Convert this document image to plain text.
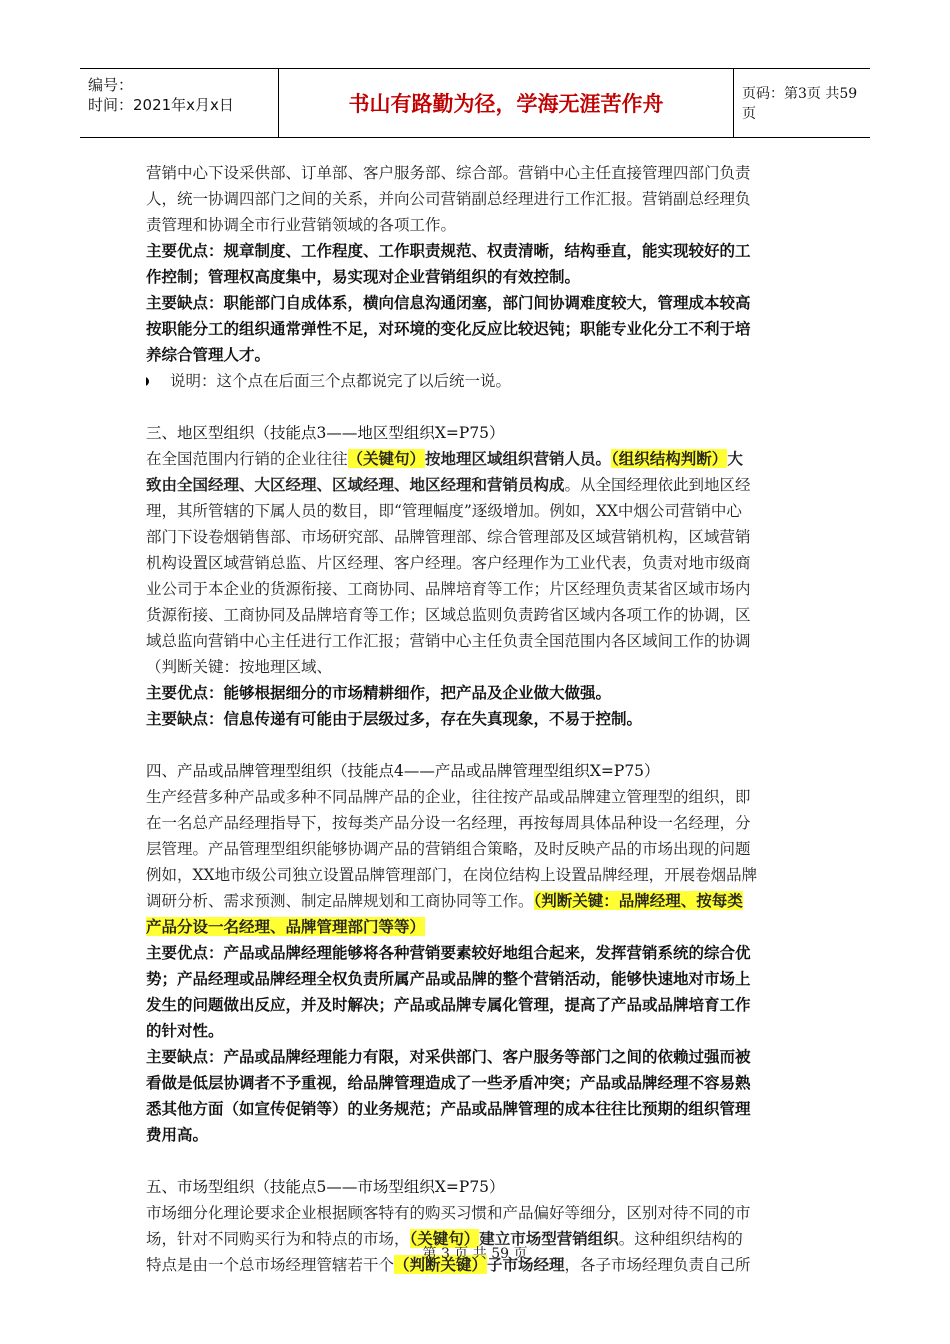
编号：
时间：2021年x月x日	书山有路勤为径，学海无涯苦作舟	页码：第3页 共59页
营销中心下设采供部、订单部、客户服务部、综合部。营销中心主任直接管理四部门负责
人，统一协调四部门之间的关系，并向公司营销副总经理进行工作汇报。营销副总经理负
责管理和协调全市行业营销领域的各项工作。
主要优点：规章制度、工作程度、工作职责规范、权责清晰，结构垂直，能实现较好的工
作控制；管理权高度集中，易实现对企业营销组织的有效控制。
主要缺点：职能部门自成体系，横向信息沟通闭塞，部门间协调难度较大，管理成本较高
按职能分工的组织通常弹性不足，对环境的变化反应比较迟钝；职能专业化分工不利于培
养综合管理人才。
说明：这个点在后面三个点都说完了以后统一说。
三、地区型组织（技能点3——地区型组织X=P75）
在全国范围内行销的企业往往（关键句）按地理区域组织营销人员。（组织结构判断）大
致由全国经理、大区经理、区域经理、地区经理和营销员构成。从全国经理依此到地区经
理，其所管辖的下属人员的数目，即“管理幅度”逐级增加。例如，XX中烟公司营销中心
部门下设卷烟销售部、市场研究部、品牌管理部、综合管理部及区域营销机构，区域营销
机构设置区域营销总监、片区经理、客户经理。客户经理作为工业代表，负责对地市级商
业公司于本企业的货源衔接、工商协同、品牌培育等工作；片区经理负责某省区域市场内
货源衔接、工商协同及品牌培育等工作；区域总监则负责跨省区域内各项工作的协调，区
域总监向营销中心主任进行工作汇报；营销中心主任负责全国范围内各区域间工作的协调
（判断关键：按地理区域、
主要优点：能够根据细分的市场精耕细作，把产品及企业做大做强。
主要缺点：信息传递有可能由于层级过多，存在失真现象，不易于控制。
四、产品或品牌管理型组织（技能点4——产品或品牌管理型组织X=P75）
生产经营多种产品或多种不同品牌产品的企业，往往按产品或品牌建立管理型的组织，即
在一名总产品经理指导下，按每类产品分设一名经理，再按每周具体品种设一名经理，分
层管理。产品管理型组织能够协调产品的营销组合策略，及时反映产品的市场出现的问题
例如，XX地市级公司独立设置品牌管理部门，在岗位结构上设置品牌经理，开展卷烟品牌
调研分析、需求预测、制定品牌规划和工商协同等工作。（判断关键：品牌经理、按每类
产品分设一名经理、品牌管理部门等等）
主要优点：产品或品牌经理能够将各种营销要素较好地组合起来，发挥营销系统的综合优
势；产品经理或品牌经理全权负责所属产品或品牌的整个营销活动，能够快速地对市场上
发生的问题做出反应，并及时解决；产品或品牌专属化管理，提高了产品或品牌培育工作
的针对性。
主要缺点：产品或品牌经理能力有限，对采供部门、客户服务等部门之间的依赖过强而被
看做是低层协调者不予重视，给品牌管理造成了一些矛盾冲突；产品或品牌经理不容易熟
悉其他方面（如宣传促销等）的业务规范；产品或品牌管理的成本往往比预期的组织管理
费用高。
五、市场型组织（技能点5——市场型组织X=P75）
市场细分化理论要求企业根据顾客特有的购买习惯和产品偏好等细分，区别对待不同的市
场，针对不同购买行为和特点的市场，（关键句）建立市场型营销组织。这种组织结构的
特点是由一个总市场经理管辖若干个（判断关键）子市场经理，各子市场经理负责自己所
第 3 页 共 59 页
